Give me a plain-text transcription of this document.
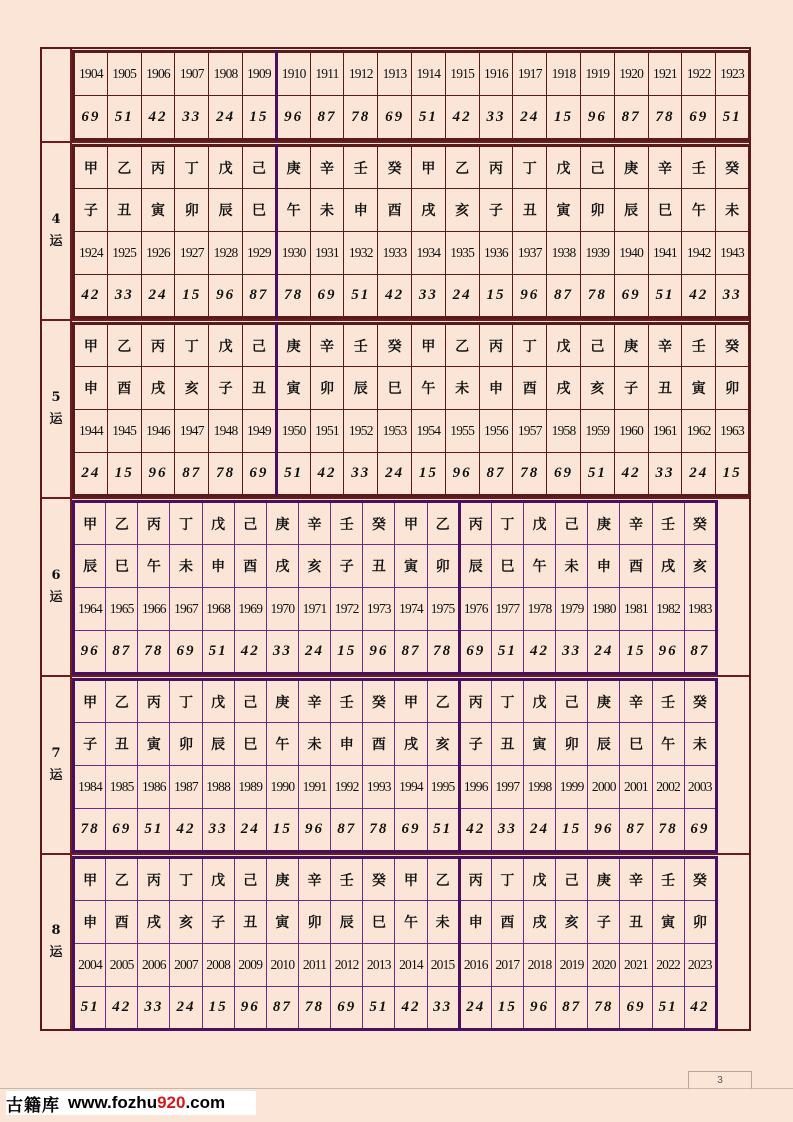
1904	1905	1906	1907	1908	1909	1910	1911	1912	1913	1914	1915	1916	1917	1918	1919	1920	1921	1922	1923
69	51	42	33	24	15	96	87	78	69	51	42	33	24	15	96	87	78	69	51
4
运
甲	乙	丙	丁	戊	己	庚	辛	壬	癸	甲	乙	丙	丁	戊	己	庚	辛	壬	癸
子	丑	寅	卯	辰	巳	午	未	申	酉	戌	亥	子	丑	寅	卯	辰	巳	午	未
1924	1925	1926	1927	1928	1929	1930	1931	1932	1933	1934	1935	1936	1937	1938	1939	1940	1941	1942	1943
42	33	24	15	96	87	78	69	51	42	33	24	15	96	87	78	69	51	42	33
5
运
甲	乙	丙	丁	戊	己	庚	辛	壬	癸	甲	乙	丙	丁	戊	己	庚	辛	壬	癸
申	酉	戌	亥	子	丑	寅	卯	辰	巳	午	未	申	酉	戌	亥	子	丑	寅	卯
1944	1945	1946	1947	1948	1949	1950	1951	1952	1953	1954	1955	1956	1957	1958	1959	1960	1961	1962	1963
24	15	96	87	78	69	51	42	33	24	15	96	87	78	69	51	42	33	24	15
6
运
甲	乙	丙	丁	戊	己	庚	辛	壬	癸	甲	乙	丙	丁	戊	己	庚	辛	壬	癸
辰	巳	午	未	申	酉	戌	亥	子	丑	寅	卯	辰	巳	午	未	申	酉	戌	亥
1964	1965	1966	1967	1968	1969	1970	1971	1972	1973	1974	1975	1976	1977	1978	1979	1980	1981	1982	1983
96	87	78	69	51	42	33	24	15	96	87	78	69	51	42	33	24	15	96	87
7
运
甲	乙	丙	丁	戊	己	庚	辛	壬	癸	甲	乙	丙	丁	戊	己	庚	辛	壬	癸
子	丑	寅	卯	辰	巳	午	未	申	酉	戌	亥	子	丑	寅	卯	辰	巳	午	未
1984	1985	1986	1987	1988	1989	1990	1991	1992	1993	1994	1995	1996	1997	1998	1999	2000	2001	2002	2003
78	69	51	42	33	24	15	96	87	78	69	51	42	33	24	15	96	87	78	69
8
运
甲	乙	丙	丁	戊	己	庚	辛	壬	癸	甲	乙	丙	丁	戊	己	庚	辛	壬	癸
申	酉	戌	亥	子	丑	寅	卯	辰	巳	午	未	申	酉	戌	亥	子	丑	寅	卯
2004	2005	2006	2007	2008	2009	2010	2011	2012	2013	2014	2015	2016	2017	2018	2019	2020	2021	2022	2023
51	42	33	24	15	96	87	78	69	51	42	33	24	15	96	87	78	69	51	42
3
古籍库 www.fozhu 920 .com
